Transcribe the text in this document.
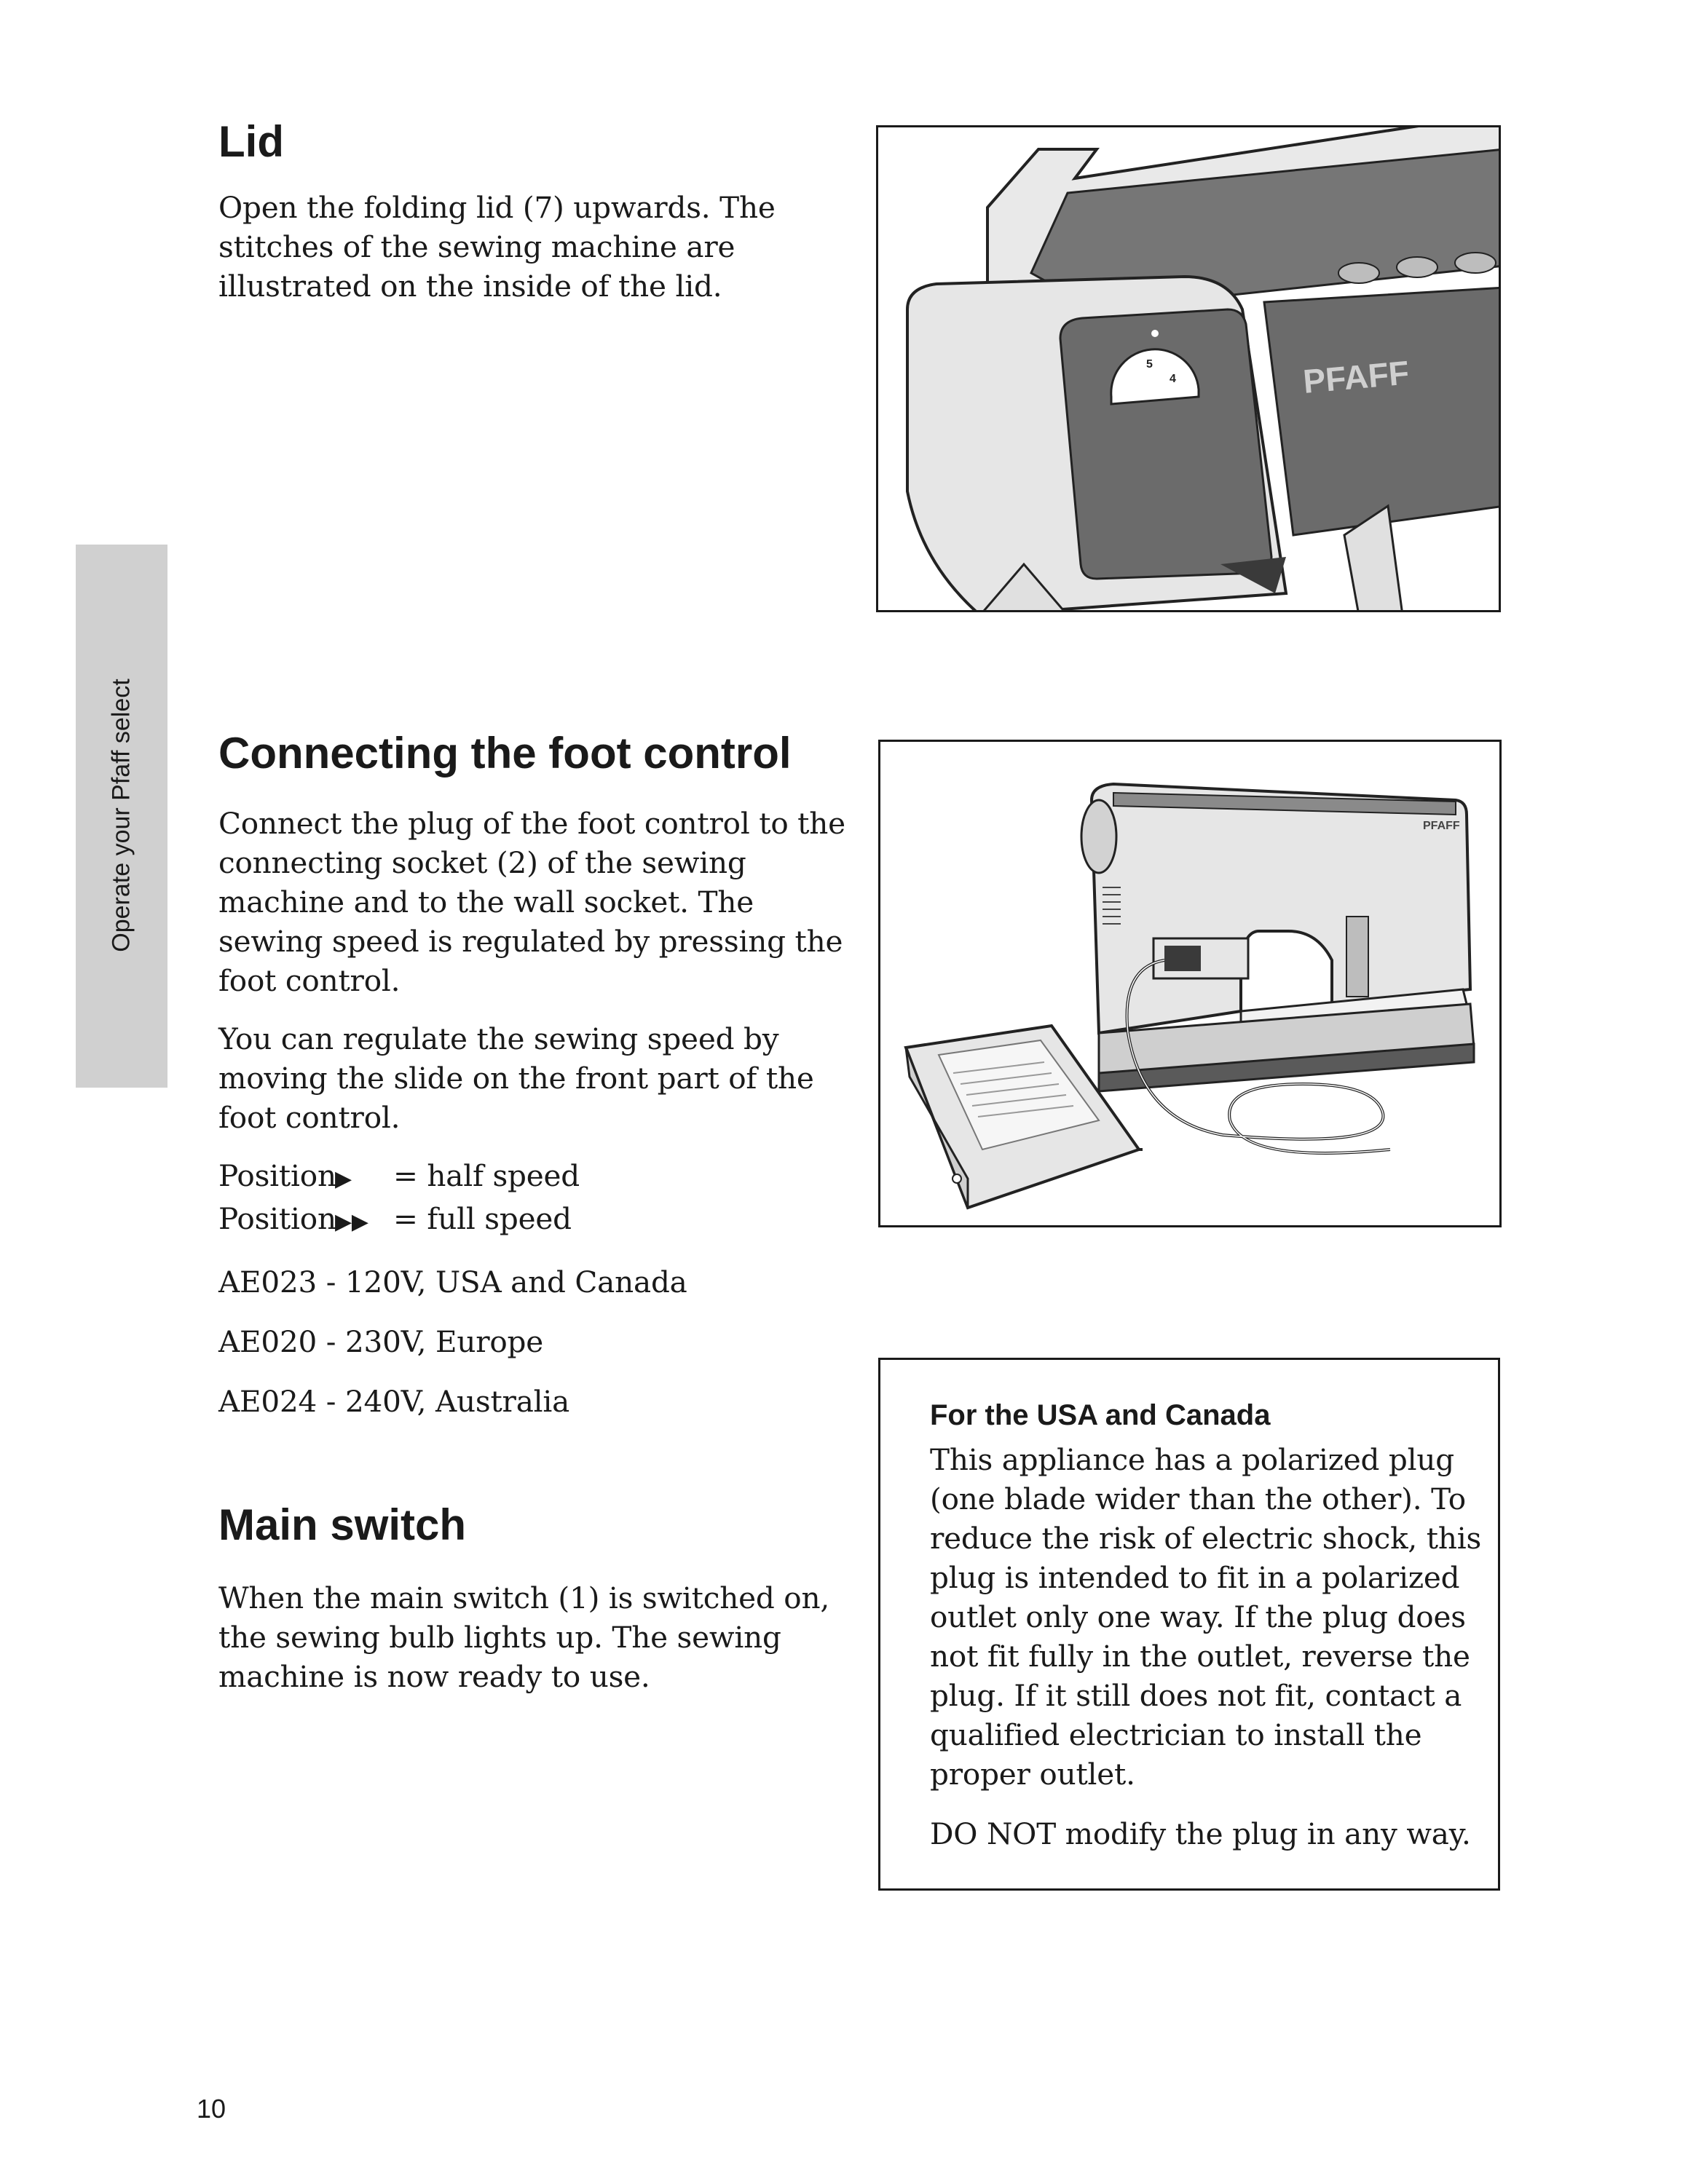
Operate your Pfaff select
Lid

Open the folding lid (7) upwards. The stitches of the sewing machine are illustrated on the inside of the lid.

5
4	PFAFF
Connecting the foot control

Connect the plug of the foot control to the connecting socket (2) of the sewing machine and to the wall socket. The sewing speed is regulated by pressing the foot control.

You can regulate the sewing speed by moving the slide on the front part of the foot control.

Position
▶	= half speed
Position
▶▶ = full speed

AE023 - 120V, USA and Canada

AE020 - 230V, Europe

AE024 - 240V, Australia

PFAFF
Main switch

When the main switch (1) is switched on, the sewing bulb lights up. The sewing machine is now ready to use.

For the USA and Canada

This appliance has a polarized plug (one blade wider than the other). To reduce the risk of electric shock, this plug is intended to fit in a polarized outlet only one way. If the plug does not fit fully in the outlet, reverse the plug. If it still does not fit, contact a qualified electrician to install the proper outlet.

DO NOT modify the plug in any way.

10
